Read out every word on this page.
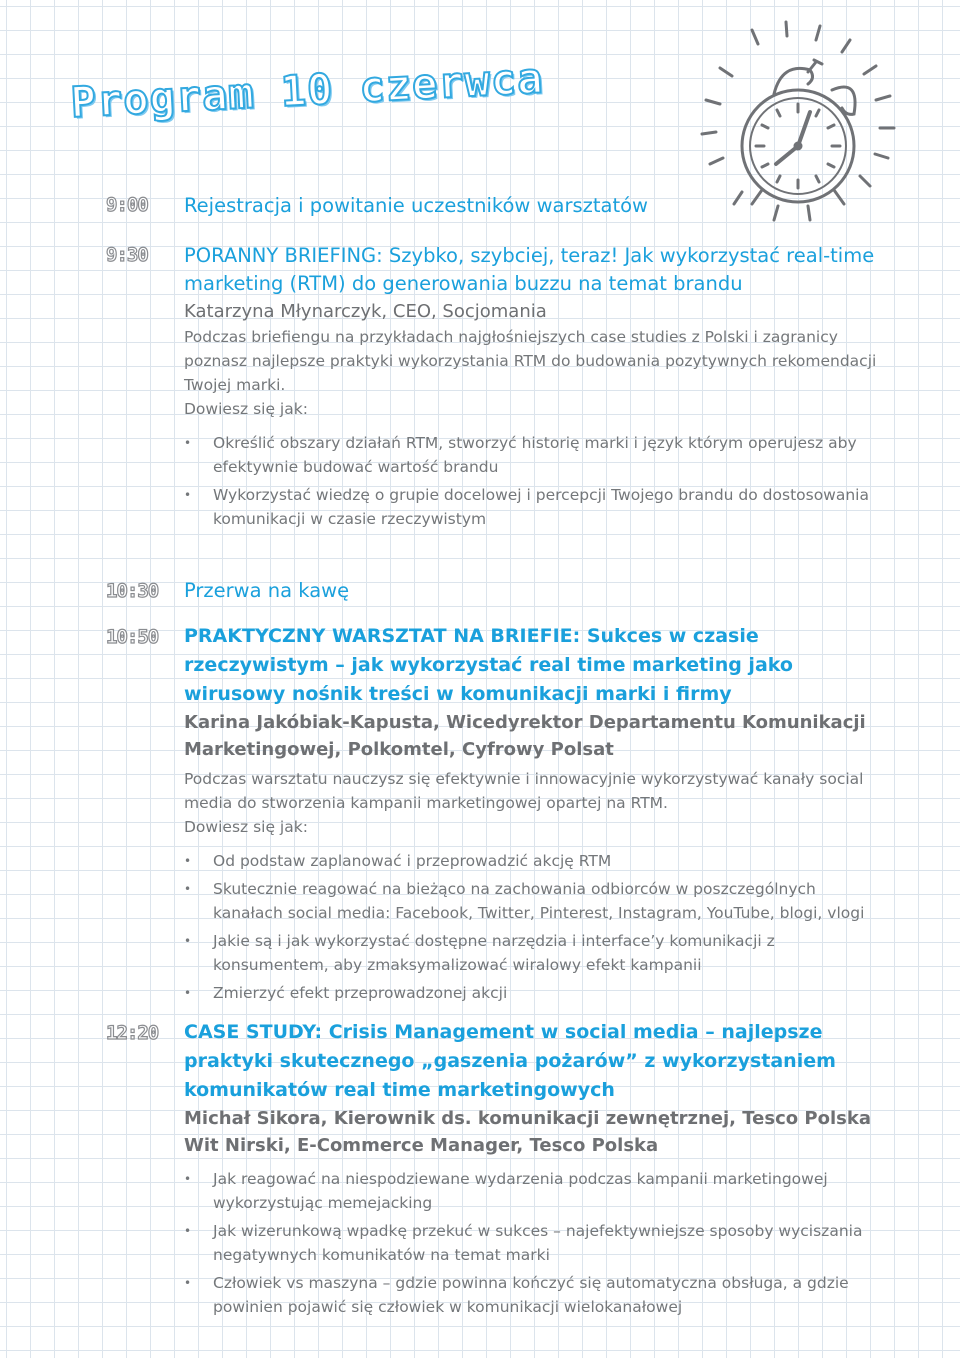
Program 10 czerwca
9:00	Rejestracja i powitanie uczestników warsztatów
9:30	PORANNY BRIEFING: Szybko, szybciej, teraz! Jak wykorzystać real-time marketing (RTM) do generowania buzzu na temat brandu
Katarzyna Młynarczyk, CEO, Socjomania
Podczas briefiengu na przykładach najgłośniejszych case studies z Polski i zagranicy poznasz najlepsze praktyki wykorzystania RTM do budowania pozytywnych rekomendacji Twojej marki.
Dowiesz się jak:
• Określić obszary działań RTM, stworzyć historię marki i język którym operujesz aby efektywnie budować wartość brandu
• Wykorzystać wiedzę o grupie docelowej i percepcji Twojego brandu do dostosowania komunikacji w czasie rzeczywistym
10:30	Przerwa na kawę
10:50	PRAKTYCZNY WARSZTAT NA BRIEFIE: Sukces w czasie rzeczywistym – jak wykorzystać real time marketing jako wirusowy nośnik treści w komunikacji marki i firmy
Karina Jakóbiak-Kapusta, Wicedyrektor Departamentu Komunikacji Marketingowej, Polkomtel, Cyfrowy Polsat
Podczas warsztatu nauczysz się efektywnie i innowacyjnie wykorzystywać kanały social media do stworzenia kampanii marketingowej opartej na RTM.
Dowiesz się jak:
• Od podstaw zaplanować i przeprowadzić akcję RTM
• Skutecznie reagować na bieżąco na zachowania odbiorców w poszczególnych kanałach social media: Facebook, Twitter, Pinterest, Instagram, YouTube, blogi, vlogi
• Jakie są i jak wykorzystać dostępne narzędzia i interface’y komunikacji z konsumentem, aby zmaksymalizować wiralowy efekt kampanii
• Zmierzyć efekt przeprowadzonej akcji
12:20	CASE STUDY: Crisis Management w social media – najlepsze praktyki skutecznego „gaszenia pożarów” z wykorzystaniem komunikatów real time marketingowych
Michał Sikora, Kierownik ds. komunikacji zewnętrznej, Tesco Polska
Wit Nirski, E-Commerce Manager, Tesco Polska
• Jak reagować na niespodziewane wydarzenia podczas kampanii marketingowej wykorzystując memejacking
• Jak wizerunkową wpadkę przekuć w sukces – najefektywniejsze sposoby wyciszania negatywnych komunikatów na temat marki
• Człowiek vs maszyna – gdzie powinna kończyć się automatyczna obsługa, a gdzie powinien pojawić się człowiek w komunikacji wielokanałowej
